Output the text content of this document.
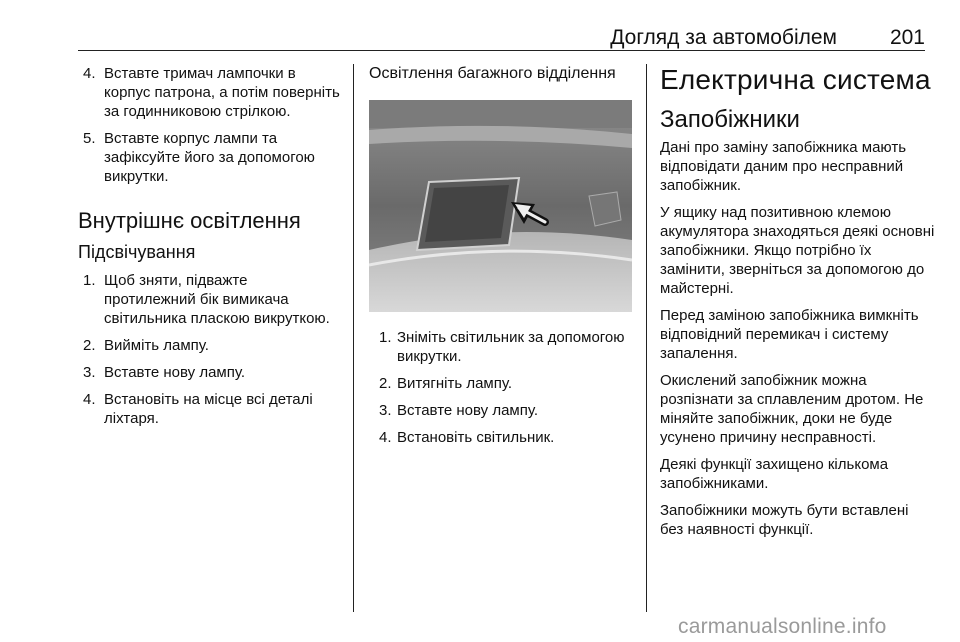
Догляд за автомобілем	201
4. Вставте тримач лампочки в корпус патрона, а потім поверніть за годинниковою стрілкою.
5. Вставте корпус лампи та зафіксуйте його за допомогою викрутки.
Внутрішнє освітлення
Підсвічування
1. Щоб зняти, підважте протилежний бік вимикача світильника пласкою викруткою.
2. Вийміть лампу.
3. Вставте нову лампу.
4. Встановіть на місце всі деталі ліхтаря.
Освітлення багажного відділення
1. Зніміть світильник за допомогою викрутки.
2. Витягніть лампу.
3. Вставте нову лампу.
4. Встановіть світильник.
Електрична система
Запобіжники

Дані про заміну запобіжника мають відповідати даним про несправний запобіжник.

У ящику над позитивною клемою акумулятора знаходяться деякі основні запобіжники. Якщо потрібно їх замінити, зверніться за допомогою до майстерні.

Перед заміною запобіжника вимкніть відповідний перемикач і систему запалення.

Окислений запобіжник можна розпізнати за сплавленим дротом. Не міняйте запобіжник, доки не буде усунено причину несправності.

Деякі функції захищено кількома запобіжниками.

Запобіжники можуть бути вставлені без наявності функції.

carmanualsonline.info
